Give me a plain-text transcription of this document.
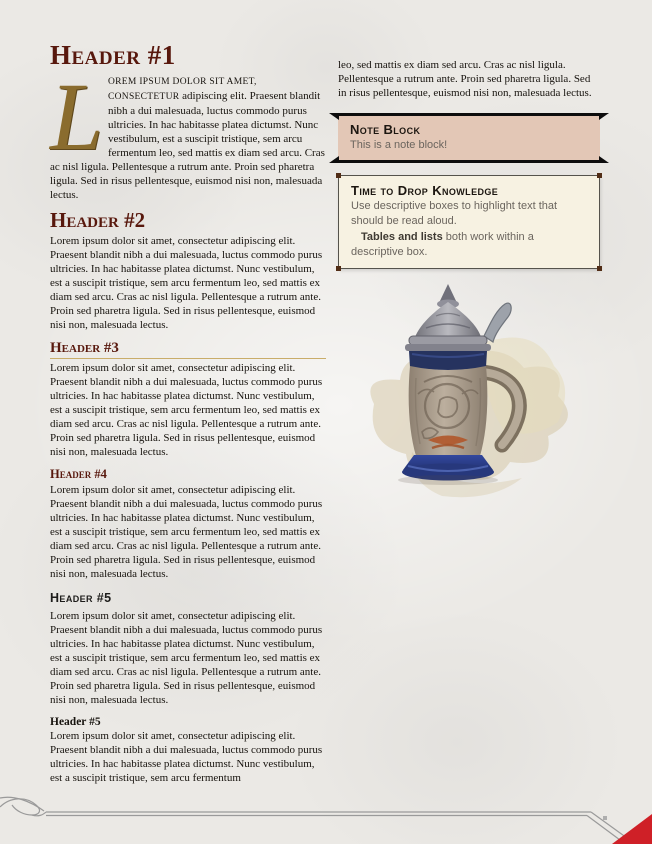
Header #1

L OREM IPSUM DOLOR SIT AMET, CONSECTETUR adipiscing elit. Praesent blandit nibh a dui malesuada, luctus commodo purus ultricies. In hac habitasse platea dictumst. Nunc vestibulum, est a suscipit tristique, sem arcu fermentum leo, sed mattis ex diam sed arcu. Cras ac nisl ligula. Pellentesque a rutrum ante. Proin sed pharetra ligula. Sed in risus pellentesque, euismod nisi non, malesuada lectus.

Header #2

Lorem ipsum dolor sit amet, consectetur adipiscing elit. Praesent blandit nibh a dui malesuada, luctus commodo purus ultricies. In hac habitasse platea dictumst. Nunc vestibulum, est a suscipit tristique, sem arcu fermentum leo, sed mattis ex diam sed arcu. Cras ac nisl ligula. Pellentesque a rutrum ante. Proin sed pharetra ligula. Sed in risus pellentesque, euismod nisi non, malesuada lectus.

Header #3

Lorem ipsum dolor sit amet, consectetur adipiscing elit. Praesent blandit nibh a dui malesuada, luctus commodo purus ultricies. In hac habitasse platea dictumst. Nunc vestibulum, est a suscipit tristique, sem arcu fermentum leo, sed mattis ex diam sed arcu. Cras ac nisl ligula. Pellentesque a rutrum ante. Proin sed pharetra ligula. Sed in risus pellentesque, euismod nisi non, malesuada lectus.

Header #4

Lorem ipsum dolor sit amet, consectetur adipiscing elit. Praesent blandit nibh a dui malesuada, luctus commodo purus ultricies. In hac habitasse platea dictumst. Nunc vestibulum, est a suscipit tristique, sem arcu fermentum leo, sed mattis ex diam sed arcu. Cras ac nisl ligula. Pellentesque a rutrum ante. Proin sed pharetra ligula. Sed in risus pellentesque, euismod nisi non, malesuada lectus.

Header #5

Lorem ipsum dolor sit amet, consectetur adipiscing elit. Praesent blandit nibh a dui malesuada, luctus commodo purus ultricies. In hac habitasse platea dictumst. Nunc vestibulum, est a suscipit tristique, sem arcu fermentum leo, sed mattis ex diam sed arcu. Cras ac nisl ligula. Pellentesque a rutrum ante. Proin sed pharetra ligula. Sed in risus pellentesque, euismod nisi non, malesuada lectus.

Header #5

Lorem ipsum dolor sit amet, consectetur adipiscing elit. Praesent blandit nibh a dui malesuada, luctus commodo purus ultricies. In hac habitasse platea dictumst. Nunc vestibulum, est a suscipit tristique, sem arcu fermentum

leo, sed mattis ex diam sed arcu. Cras ac nisl ligula. Pellentesque a rutrum ante. Proin sed pharetra ligula. Sed in risus pellentesque, euismod nisi non, malesuada lectus.

Note Block
This is a note block!
Time to Drop Knowledge
Use descriptive boxes to highlight text that should be read aloud.
Tables and lists both work within a descriptive box.
